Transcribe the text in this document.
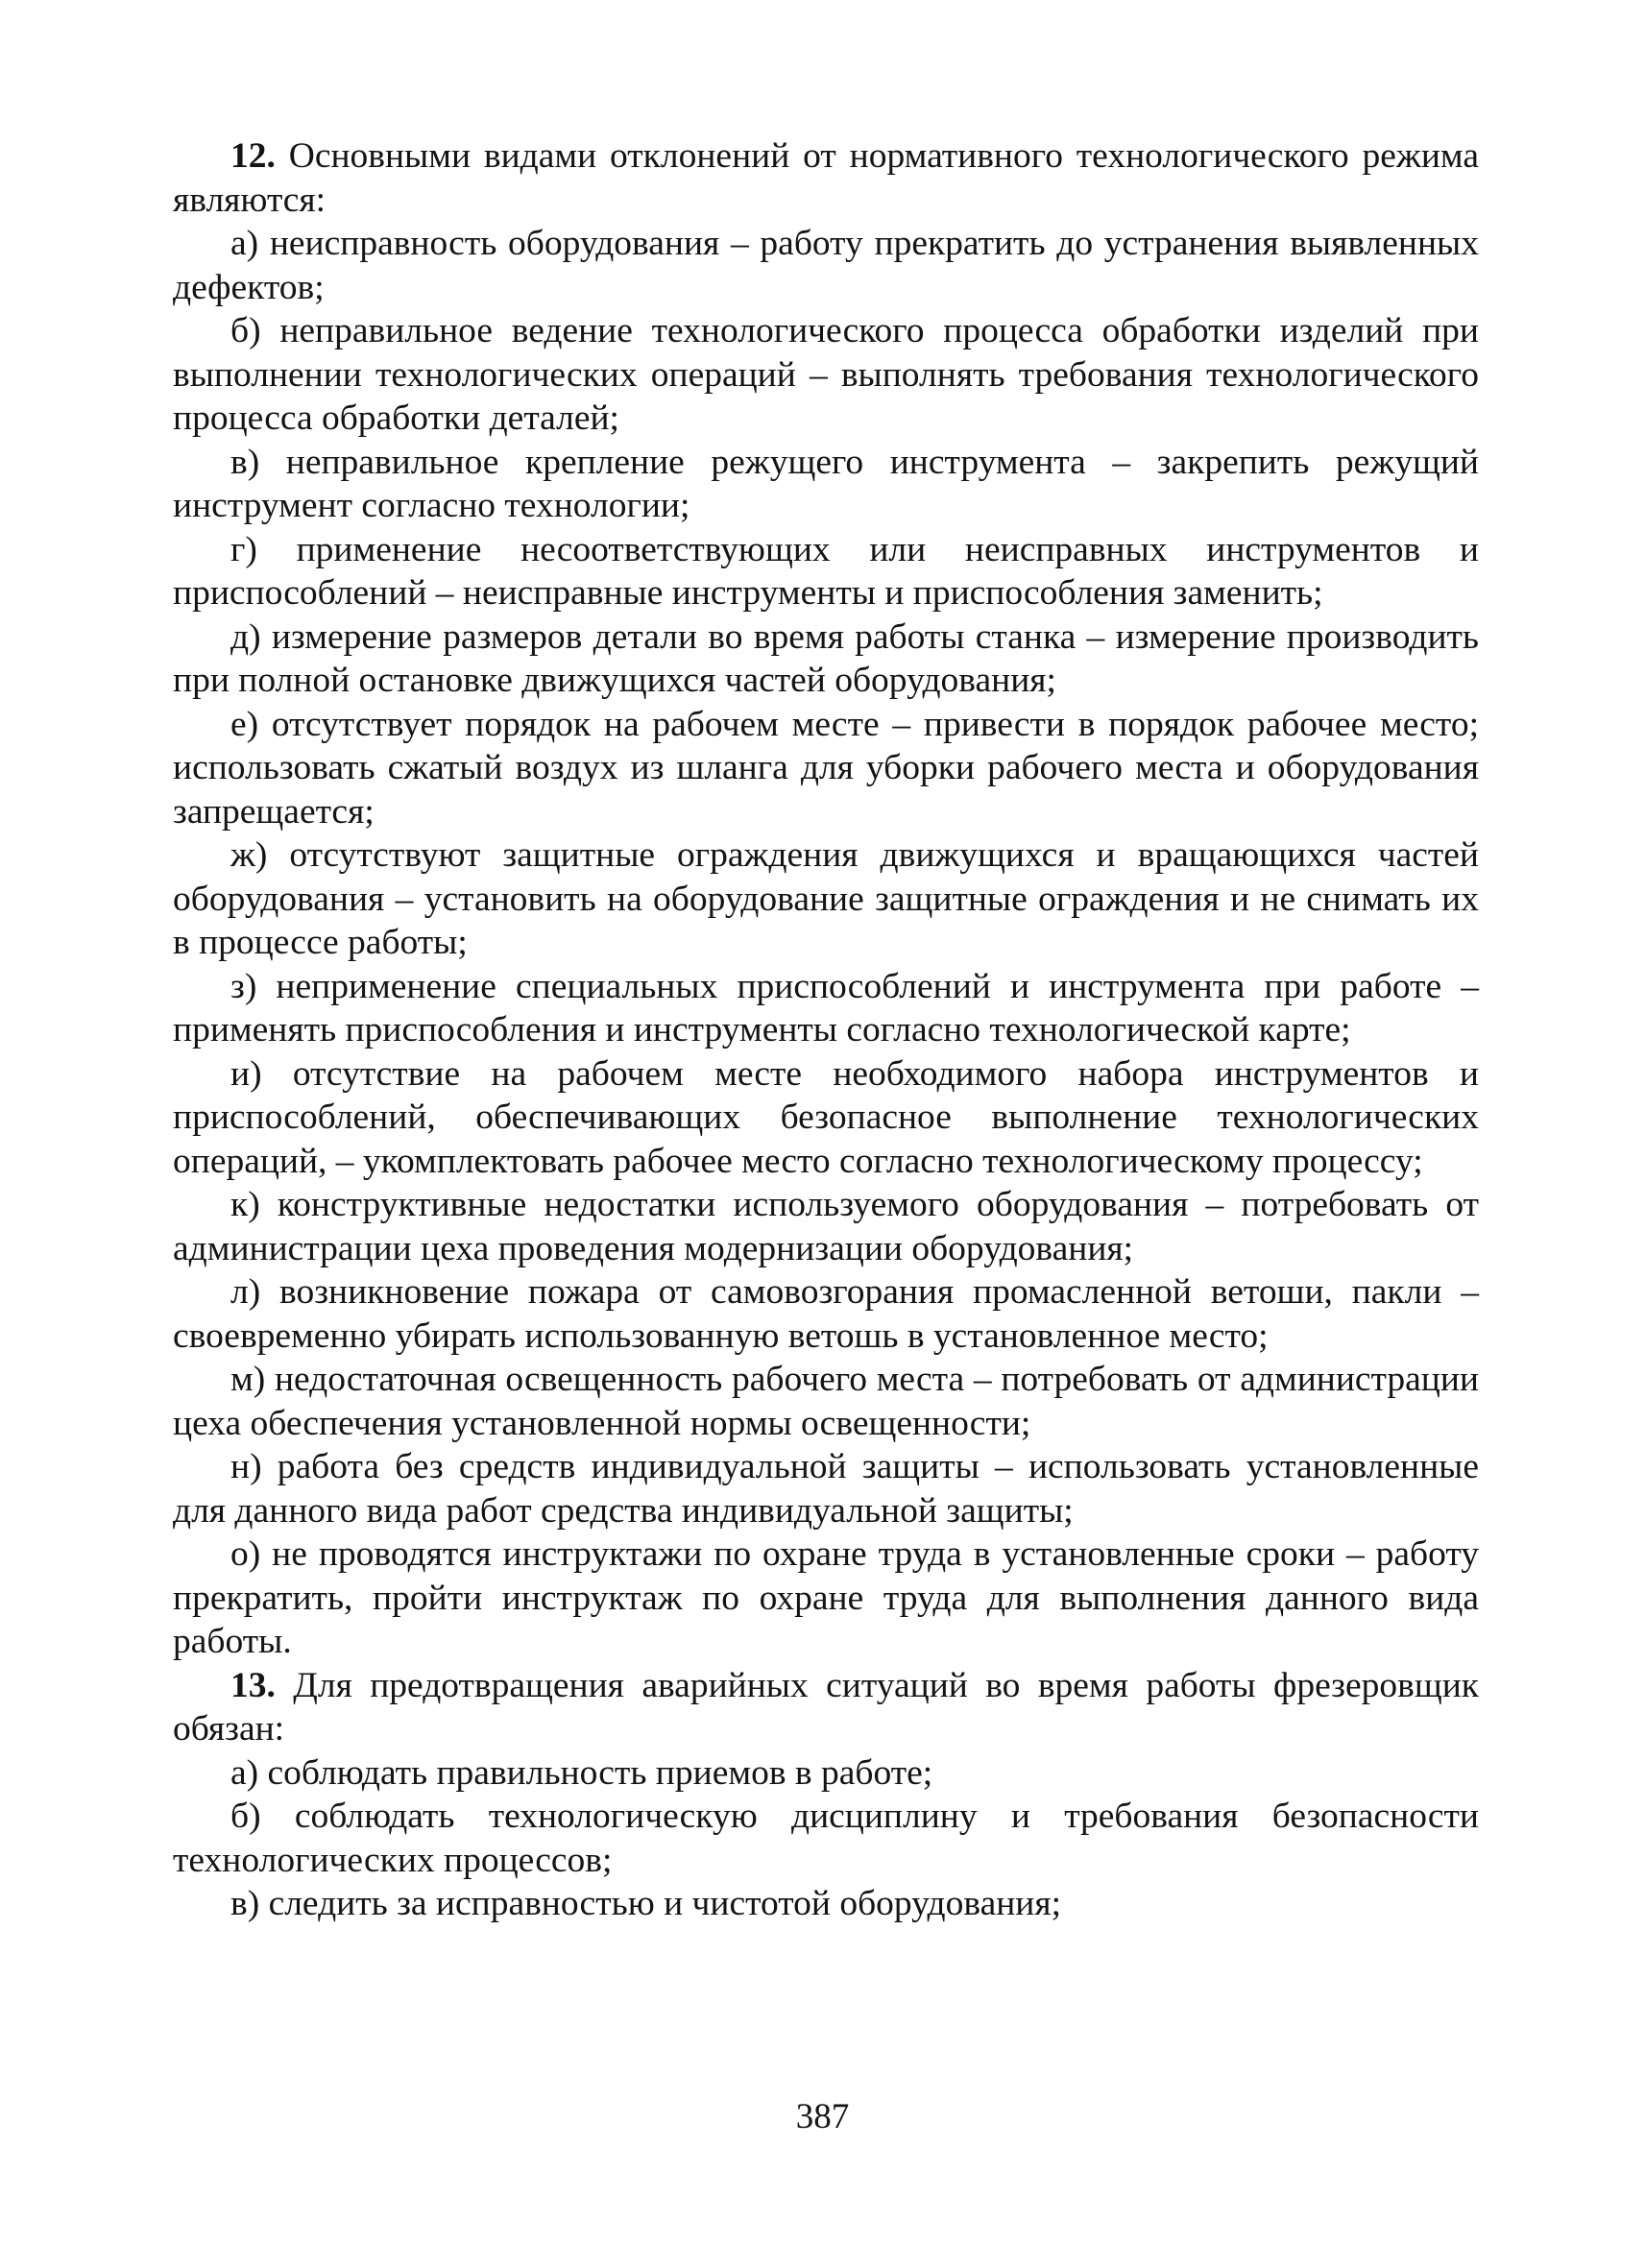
12. Основными видами отклонений от нормативного технологического режима являются:

а) неисправность оборудования – работу прекратить до устранения выявленных дефектов;

б) неправильное ведение технологического процесса обработки изделий при выполнении технологических операций – выполнять требования технологического процесса обработки деталей;

в) неправильное крепление режущего инструмента – закрепить режущий инструмент согласно технологии;

г) применение несоответствующих или неисправных инструментов и приспособлений – неисправные инструменты и приспособления заменить;

д) измерение размеров детали во время работы станка – измерение производить при полной остановке движущихся частей оборудования;

е) отсутствует порядок на рабочем месте – привести в порядок рабочее место; использовать сжатый воздух из шланга для уборки рабочего места и оборудования запрещается;

ж) отсутствуют защитные ограждения движущихся и вращающихся частей оборудования – установить на оборудование защитные ограждения и не снимать их в процессе работы;

з) неприменение специальных приспособлений и инструмента при работе – применять приспособления и инструменты согласно технологической карте;

и) отсутствие на рабочем месте необходимого набора инструментов и приспособлений, обеспечивающих безопасное выполнение технологических операций, – укомплектовать рабочее место согласно технологическому процессу;

к) конструктивные недостатки используемого оборудования – потребовать от администрации цеха проведения модернизации оборудования;

л) возникновение пожара от самовозгорания промасленной ветоши, пакли – своевременно убирать использованную ветошь в установленное место;

м) недостаточная освещенность рабочего места – потребовать от администрации цеха обеспечения установленной нормы освещенности;

н) работа без средств индивидуальной защиты – использовать установленные для данного вида работ средства индивидуальной защиты;

о) не проводятся инструктажи по охране труда в установленные сроки – работу прекратить, пройти инструктаж по охране труда для выполнения данного вида работы.

13. Для предотвращения аварийных ситуаций во время работы фрезеровщик обязан:

а) соблюдать правильность приемов в работе;

б) соблюдать технологическую дисциплину и требования безопасности технологических процессов;

в) следить за исправностью и чистотой оборудования;

387
